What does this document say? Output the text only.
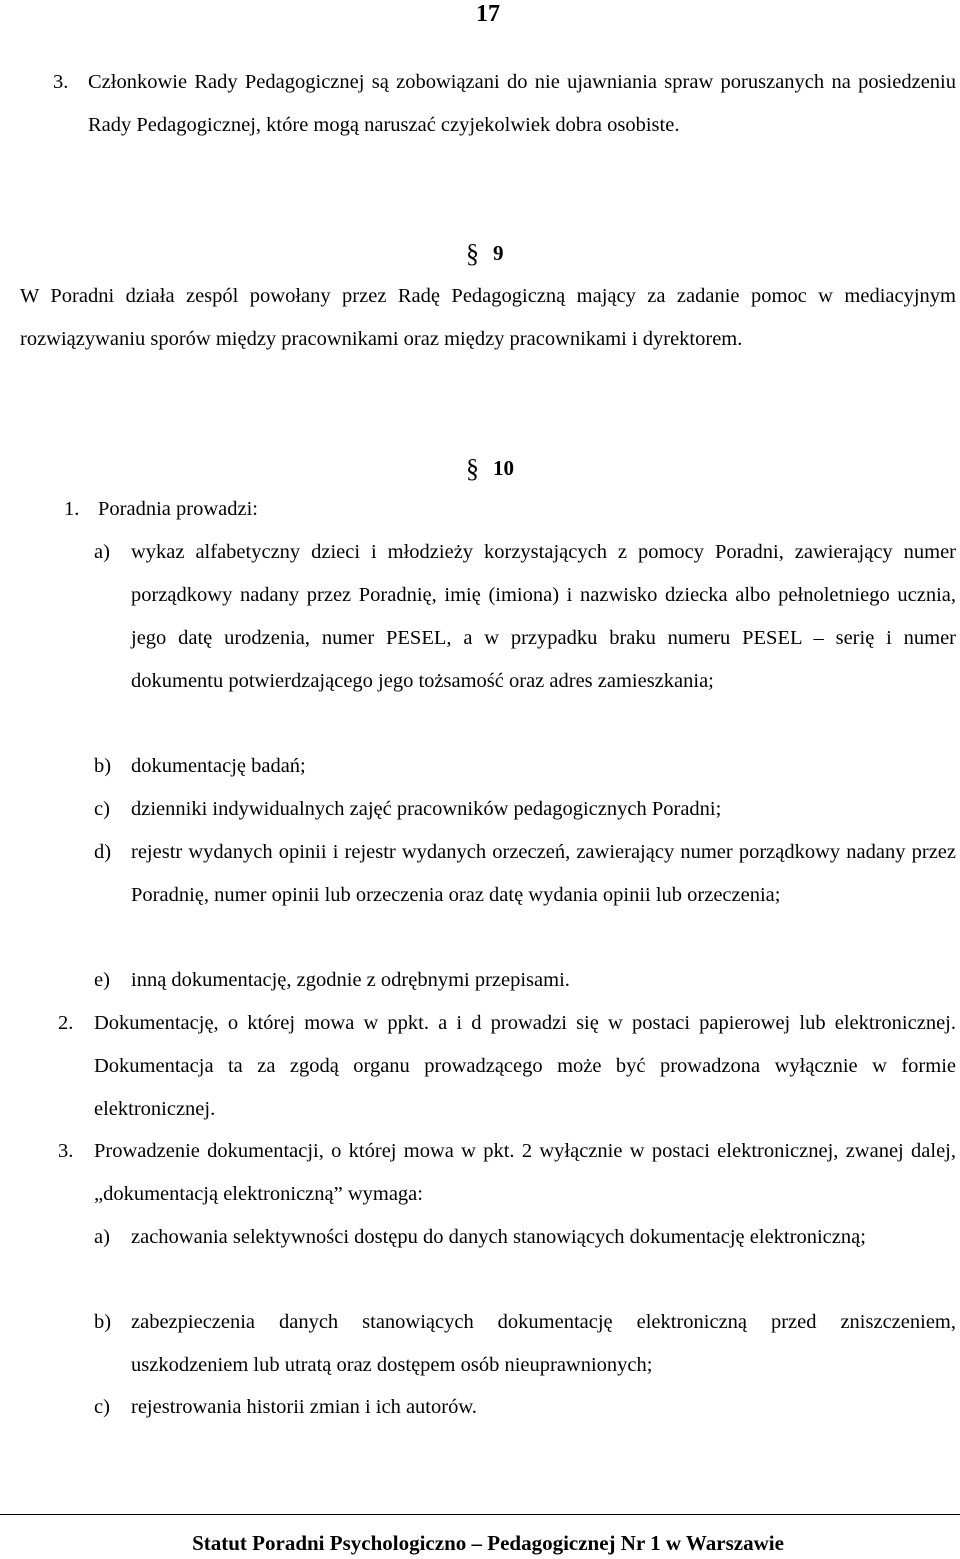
17
3. Członkowie Rady Pedagogicznej są zobowiązani do nie ujawniania spraw poruszanych na posiedzeniu Rady Pedagogicznej, które mogą naruszać czyjekolwiek dobra osobiste.
§ 9
W Poradni działa zespól powołany przez Radę Pedagogiczną mający za zadanie pomoc w mediacyjnym rozwiązywaniu sporów między pracownikami oraz między pracownikami i dyrektorem.
§ 10
1. Poradnia prowadzi:
a) wykaz alfabetyczny dzieci i młodzieży korzystających z pomocy Poradni, zawierający numer porządkowy nadany przez Poradnię, imię (imiona) i nazwisko dziecka albo pełnoletniego ucznia, jego datę urodzenia, numer PESEL, a w przypadku braku numeru PESEL ‒ serię i numer dokumentu potwierdzającego jego tożsamość oraz adres zamieszkania;
b) dokumentację badań;
c) dzienniki indywidualnych zajęć pracowników pedagogicznych Poradni;
d) rejestr wydanych opinii i rejestr wydanych orzeczeń, zawierający numer porządkowy nadany przez Poradnię, numer opinii lub orzeczenia oraz datę wydania opinii lub orzeczenia;
e) inną dokumentację, zgodnie z odrębnymi przepisami.
2. Dokumentację, o której mowa w ppkt. a i d prowadzi się w postaci papierowej lub elektronicznej. Dokumentacja ta za zgodą organu prowadzącego może być prowadzona wyłącznie w formie elektronicznej.
3. Prowadzenie dokumentacji, o której mowa w pkt. 2 wyłącznie w postaci elektronicznej, zwanej dalej, „dokumentacją elektroniczną” wymaga:
a) zachowania selektywności dostępu do danych stanowiących dokumentację elektroniczną;
b) zabezpieczenia danych stanowiących dokumentację elektroniczną przed zniszczeniem, uszkodzeniem lub utratą oraz dostępem osób nieuprawnionych;
c) rejestrowania historii zmian i ich autorów.
Statut Poradni Psychologiczno ‒ Pedagogicznej Nr 1 w Warszawie
